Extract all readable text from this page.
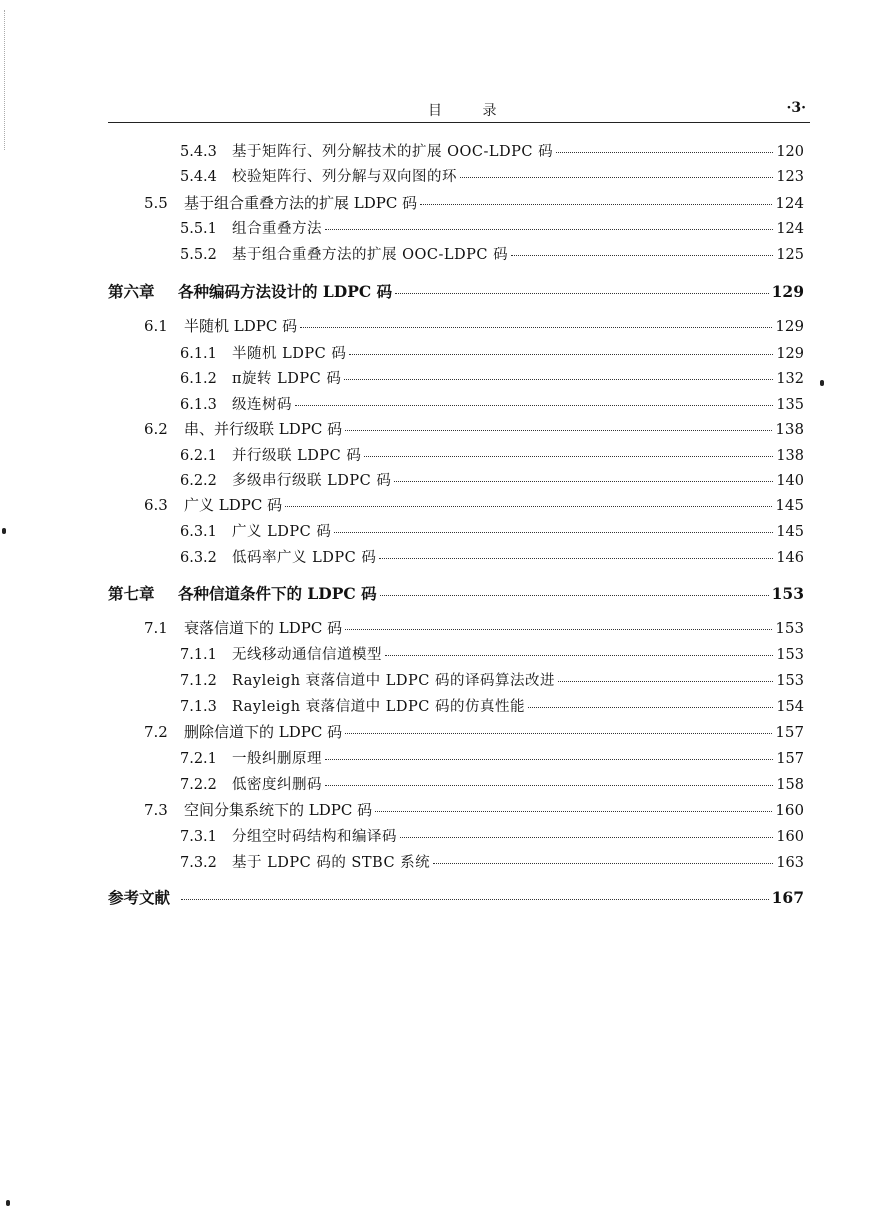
目 录	·3·
5.4.3	基于矩阵行、列分解技术的扩展 OOC-LDPC 码	120
5.4.4	校验矩阵行、列分解与双向图的环	123
5.5	基于组合重叠方法的扩展 LDPC 码	124
5.5.1	组合重叠方法	124
5.5.2	基于组合重叠方法的扩展 OOC-LDPC 码	125
第六章	各种编码方法设计的 LDPC 码	129
6.1	半随机 LDPC 码	129
6.1.1	半随机 LDPC 码	129
6.1.2	π旋转 LDPC 码	132
6.1.3	级连树码	135
6.2	串、并行级联 LDPC 码	138
6.2.1	并行级联 LDPC 码	138
6.2.2	多级串行级联 LDPC 码	140
6.3	广义 LDPC 码	145
6.3.1	广义 LDPC 码	145
6.3.2	低码率广义 LDPC 码	146
第七章	各种信道条件下的 LDPC 码	153
7.1	衰落信道下的 LDPC 码	153
7.1.1	无线移动通信信道模型	153
7.1.2	Rayleigh 衰落信道中 LDPC 码的译码算法改进	153
7.1.3	Rayleigh 衰落信道中 LDPC 码的仿真性能	154
7.2	删除信道下的 LDPC 码	157
7.2.1	一般纠删原理	157
7.2.2	低密度纠删码	158
7.3	空间分集系统下的 LDPC 码	160
7.3.1	分组空时码结构和编译码	160
7.3.2	基于 LDPC 码的 STBC 系统	163
参考文献	167
